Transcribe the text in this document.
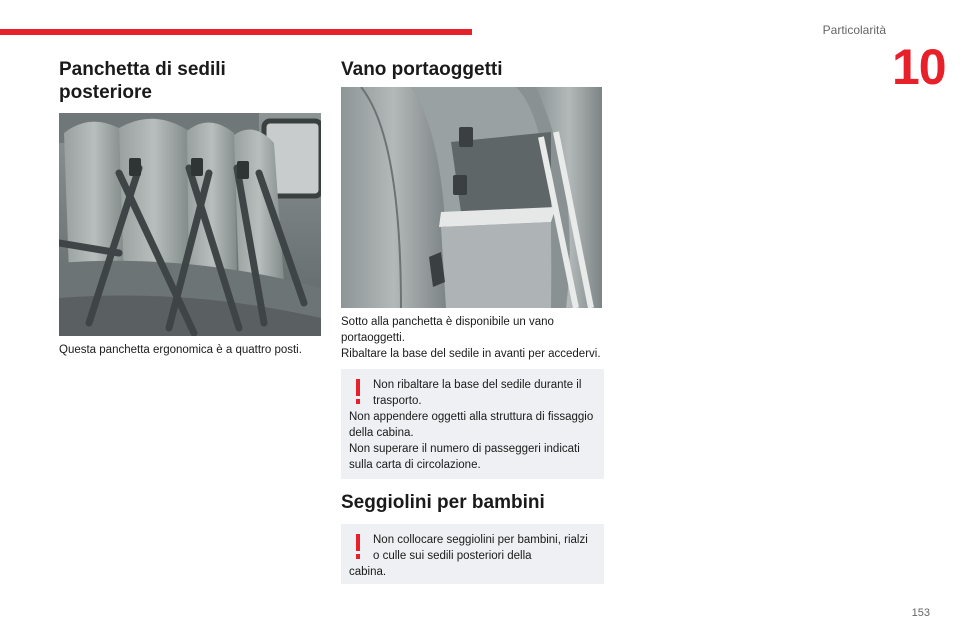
Particolarità
10
Panchetta di sedili posteriore

Questa panchetta ergonomica è a quattro posti.

Vano portaoggetti

Sotto alla panchetta è disponibile un vano portaoggetti.

Ribaltare la base del sedile in avanti per accedervi.

Non ribaltare la base del sedile durante il trasporto.

Non appendere oggetti alla struttura di fissaggio della cabina.

Non superare il numero di passeggeri indicati sulla carta di circolazione.

Seggiolini per bambini

Non collocare seggiolini per bambini, rialzi o culle sui sedili posteriori della

cabina.

153
